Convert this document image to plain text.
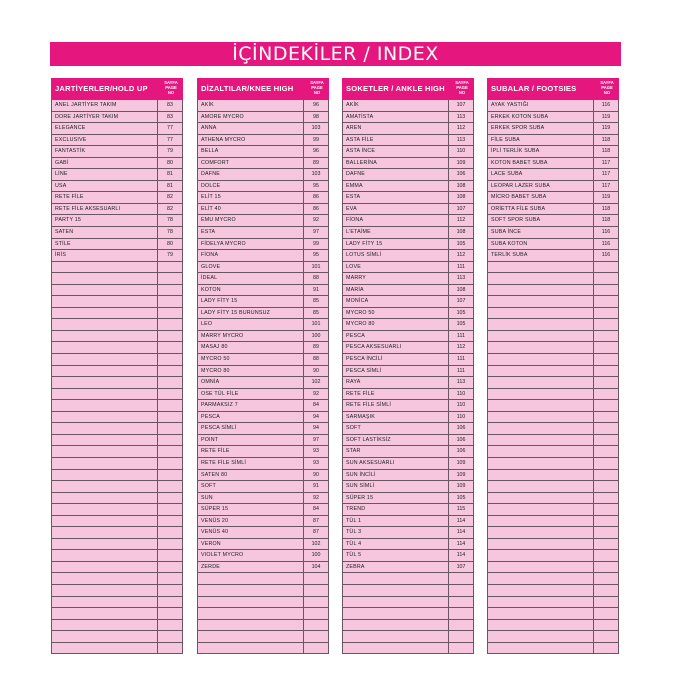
İÇİNDEKİLER / INDEX
JARTİYERLER/HOLD UP
SAYFA
PAGE
NO
ANEL JARTİYER TAKIM	83
DORE JARTİYER TAKIM	83
ELEGANCE	77
EXCLUSIVE	77
FANTASTİK	79
GABİ	80
LİNE	81
USA	81
RETE FİLE	82
RETE FİLE AKSESUARLI	82
PARTY 15	78
SATEN	78
STİLE	80
İRİS	79
DİZALTILAR/KNEE HIGH
SAYFA
PAGE
NO
AKİK	96
AMORE MYCRO	98
ANNA	103
ATHENA MYCRO	99
BELLA	96
COMFORT	89
DAFNE	103
DOLCE	95
ELİT 15	86
ELİT 40	86
EMU MYCRO	92
ESTA	97
FİDELYA MYCRO	99
FİONA	95
GLOVE	101
İDEAL	88
KOTON	91
LADY FİTY 15	85
LADY FİTY 15 BURUNSUZ	85
LEO	101
MARRY MYCRO	100
MASAJ 80	89
MYCRO 50	88
MYCRO 80	90
OMNİA	102
OSE TÜL FİLE	92
PARMAKSIZ 7	84
PESCA	94
PESCA SİMLİ	94
POINT	97
RETE FİLE	93
RETE FİLE SİMLİ	93
SATEN 80	90
SOFT	91
SUN	92
SÜPER 15	84
VENÜS 20	87
VENÜS 40	87
VERON	102
VIOLET MYCRO	100
ZERDE	104
SOKETLER / ANKLE HIGH
SAYFA
PAGE
NO
AKİK	107
AMATİSTA	113
AREN	112
ASTA FİLE	113
ASTA İNCE	110
BALLERİNA	109
DAFNE	106
EMMA	108
ESTA	108
EVA	107
FİONA	112
L'ETAİME	108
LADY FİTY 15	105
LOTUS SİMLİ	112
LOVE	111
MARRY	113
MARİA	108
MONİCA	107
MYCRO 50	105
MYCRO 80	105
PESCA	111
PESCA AKSESUARLI	112
PESCA İNCİLİ	111
PESCA SİMLİ	111
RAYA	113
RETE FİLE	110
RETE FİLE SİMLİ	110
SARMAŞIK	110
SOFT	106
SOFT LASTİKSİZ	106
STAR	106
SUN AKSESUARLI	109
SUN İNCİLİ	109
SUN SİMLİ	109
SÜPER 15	105
TREND	115
TÜL 1	114
TÜL 3	114
TÜL 4	114
TÜL 5	114
ZEBRA	107
SUBALAR / FOOTSIES
SAYFA
PAGE
NO
AYAK YASTIĞI	116
ERKEK KOTON SUBA	119
ERKEK SPOR SUBA	119
FİLE SUBA	118
İPLİ TERLİK SUBA	118
KOTON BABET SUBA	117
LACE SUBA	117
LEOPAR LAZER SUBA	117
MİCRO BABET SUBA	119
ORİETTA FİLE SUBA	118
SOFT SPOR SUBA	118
SUBA İNCE	116
SUBA KOTON	116
TERLİK SUBA	116
